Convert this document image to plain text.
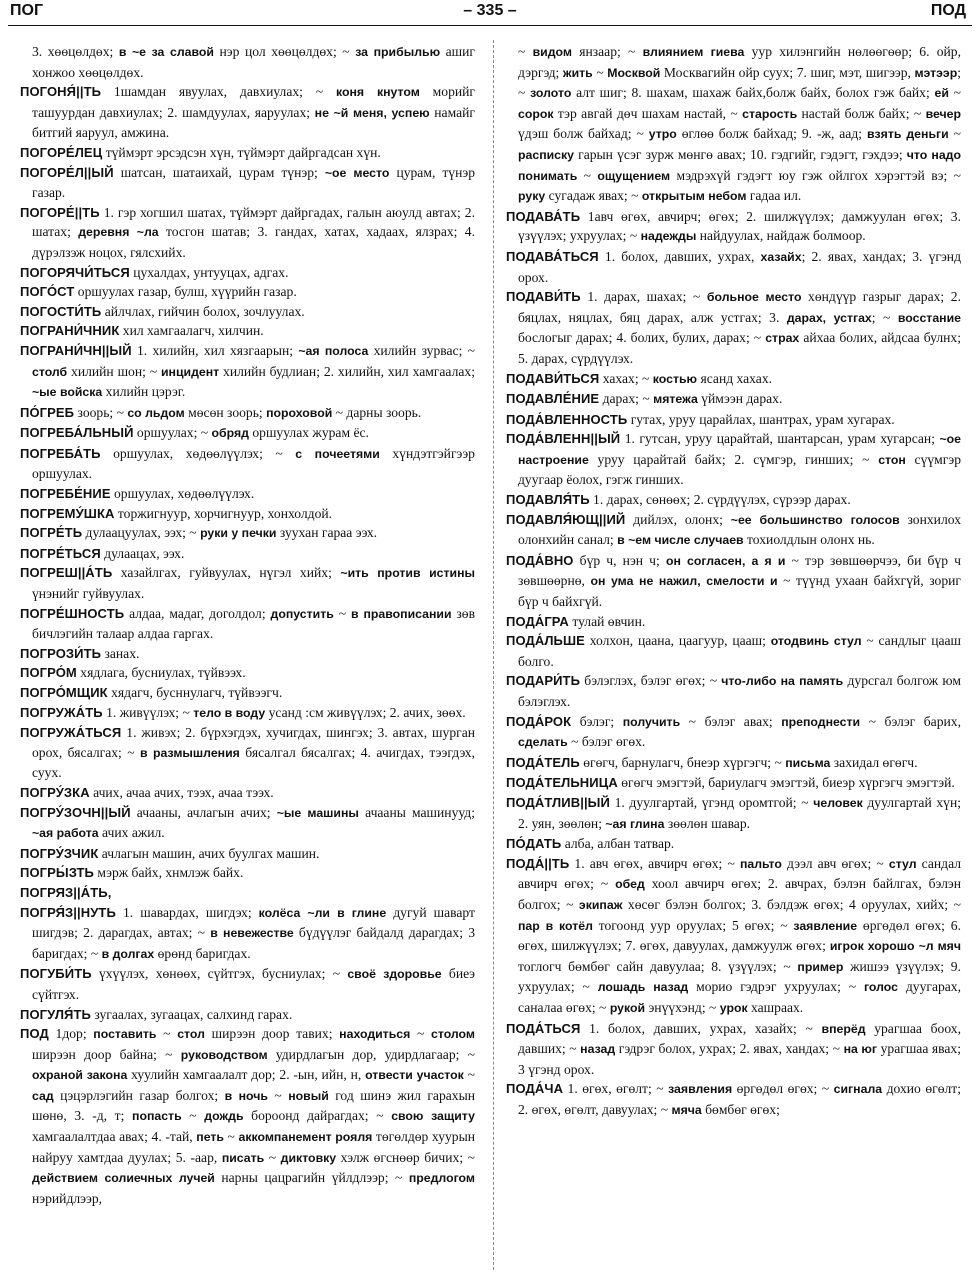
ПОГ	– 335 –	ПОД

3. хөөцөлдөх; в ~е за славой нэр цол хөөцөлдөх; ~ за прибылью ашиг хонжоо хөөцөлдөх.

ПОГОНЯ́||ТЬ 1шамдан явуулах, давхиулах; ~ коня кнутом морийг ташуурдан давхиулах; 2. шамдуулах, яаруулах; не ~й меня, успею намайг битгий яаруул, амжина.

ПОГОРЕ́ЛЕЦ түймэрт эрсэдсэн хүн, түймэрт дайргадсан хүн.

ПОГОРЕ́Л||ЫЙ шатсан, шатаихай, цурам түнэр; ~ое место цурам, түнэр газар.

ПОГОРЕ́||ТЬ 1. гэр хогшил шатах, түймэрт дайргадах, галын аюулд автах; 2. шатах; деревня ~ла тосгон шатав; 3. гандах, хатах, хадаах, ялзрах; 4. дүрэлзэж ноцох, гялсхийх.

ПОГОРЯЧИ́ТЬСЯ цухалдах, унтууцах, адгах.

ПОГО́СТ оршуулах газар, булш, хүүрийн газар.

ПОГОСТИ́ТЬ айлчлах, гийчин болох, зочлуулах.

ПОГРАНИ́ЧНИК хил хамгаалагч, хилчин.

ПОГРАНИ́ЧН||ЫЙ 1. хилийн, хил хязгаарын; ~ая полоса хилийн зурвас; ~ столб хилийн шон; ~ инцидент хилийн будлиан; 2. хилийн, хил хамгаалах; ~ые войска хилийн цэрэг.

ПО́ГРЕБ зоорь; ~ со льдом мөсөн зоорь; пороховой ~ дарны зоорь.

ПОГРЕБА́ЛЬНЫЙ оршуулах; ~ обряд оршуулах журам ёс.

ПОГРЕБА́ТЬ оршуулах, хөдөөлүүлэх; ~ с почеетями хүндэтгэйгээр оршуулах.

ПОГРЕБЕ́НИЕ оршуулах, хөдөөлүүлэх.

ПОГРЕМУ́ШКА торжигнуур, хорчигнуур, хонхолдой.

ПОГРЕ́ТЬ дулаацуулах, ээх; ~ руки у печки зуухан гараа ээх.

ПОГРЕ́ТЬСЯ дулаацах, ээх.

ПОГРЕШ||А́ТЬ хазайлгах, гуйвуулах, нүгэл хийх; ~ить против истины үнэнийг гуйвуулах.

ПОГРЕ́ШНОСТЬ алдаа, мадаг, доголдол; допустить ~ в правописании зөв бичлэгийн талаар алдаа гаргах.

ПОГРОЗИ́ТЬ занах.

ПОГРО́М хядлага, бусниулах, түйвээх.

ПОГРО́МЩИК хядагч, бусннулагч, түйвээгч.

ПОГРУЖА́ТЬ 1. живүүлэх; ~ тело в воду усанд :см живүүлэх; 2. ачих, зөөх.

ПОГРУЖА́ТЬСЯ 1. живэх; 2. бүрхэгдэх, хучигдах, шингэх; 3. автах, шурган орох, бясалгах; ~ в размышления бясалгал бясалгах; 4. ачигдах, тээгдэх, суух.

ПОГРУ́ЗКА ачих, ачаа ачих, тээх, ачаа тээх.

ПОГРУ́ЗОЧН||ЫЙ ачааны, ачлагын ачих; ~ые машины ачааны машинууд; ~ая работа ачих ажил.

ПОГРУ́ЗЧИК ачлагын машин, ачих буулгах машин.

ПОГРЫ́ЗТЬ мэрж байх, хнмлэж байх.

ПОГРЯЗ||А́ТЬ,

ПОГРЯ́З||НУТЬ 1. шавардах, шигдэх; колёса ~ли в глине дугуй шаварт шигдэв; 2. дарагдах, автах; ~ в невежестве бүдүүлэг байдалд дарагдах; 3 баригдах; ~ в долгах өрөнд баригдах.

ПОГУБИ́ТЬ үхүүлэх, хөнөөх, сүйтгэх, бусниулах; ~ своё здоровье биеэ сүйтгэх.

ПОГУЛЯ́ТЬ зугаалах, зугаацах, салхинд гарах.

ПОД 1дор; поставить ~ стол ширээн доор тавих; находиться ~ столом ширээн доор байна; ~ руководством удирдлагын дор, удирдлагаар; ~ охраной закона хуулийн хамгаалалт дор; 2. -ын, ийн, н, отвести участок ~ сад цэцэрлэгийн газар болгох; в ночь ~ новый год шинэ жил гарахын шөнө, 3. -д, т; попасть ~ дождь бороонд дайрагдах; ~ свою защиту хамгаалалтдаа авах; 4. -тай, петь ~ аккомпанемент рояля төгөлдөр хуурын найруу хамтдаа дуулах; 5. -аар, писать ~ диктовку хэлж өгснөөр бичих; ~ действием солиечных лучей нарны цацрагийн үйлдлээр; ~ предлогом нэрийдлээр,

~ видом янзаар; ~ влиянием гиева уур хилэнгийн нөлөөгөөр; 6. ойр, дэргэд; жить ~ Москвой Москвагийн ойр суух; 7. шиг, мэт, шигээр, мэтээр; ~ золото алт шиг; 8. шахам, шахаж байх,болж байх, болох гэж байх; ей ~ сорок тэр авгай дөч шахам настай, ~ старость настай болж байх; ~ вечер үдэш болж байхад; ~ утро өглөө болж байхад; 9. -ж, аад; взять деньги ~ расписку гарын үсэг зурж мөнгө авах; 10. гэдгийг, гэдэгт, гэхдээ; что надо понимать ~ ощущением мэдрэхүй гэдэгт юу гэж ойлгох хэрэгтэй вэ; ~ руку сугадаж явах; ~ открытым небом гадаа ил.

ПОДАВА́ТЬ 1авч өгөх, авчирч; өгөх; 2. шилжүүлэх; дамжуулан өгөх; 3. үзүүлэх; ухруулах; ~ надежды найдуулах, найдаж болмоор.

ПОДАВА́ТЬСЯ 1. болох, давших, ухрах, хазайх; 2. явах, хандах; 3. үгэнд орох.

ПОДАВИ́ТЬ 1. дарах, шахах; ~ больное место хөндүүр газрыг дарах; 2. бяцлах, няцлах, бяц дарах, алж устгах; 3. дарах, устгах; ~ восстание бослогыг дарах; 4. болих, булих, дарах; ~ страх айхаа болих, айдсаа булнх; 5. дарах, сүрдүүлэх.

ПОДАВИ́ТЬСЯ хахах; ~ костью ясанд хахах.

ПОДАВЛЕ́НИЕ дарах; ~ мятежа үймээн дарах.

ПОДА́ВЛЕННОСТЬ гутах, уруу царайлах, шантрах, урам хугарах.

ПОДА́ВЛЕНН||ЫЙ 1. гутсан, уруу царайтай, шантарсан, урам хугарсан; ~ое настроение уруу царайтай байх; 2. сүмгэр, гинших; ~ стон сүүмгэр дуугаар ёолох, гэгж гинших.

ПОДАВЛЯ́ТЬ 1. дарах, сөнөөх; 2. сүрдүүлэх, сүрээр дарах.

ПОДАВЛЯ́ЮЩ||ИЙ дийлэх, олонх; ~ее большинство голосов зонхилох олонхийн санал; в ~ем числе случаев тохиолдлын олонх нь.

ПОДА́ВНО бүр ч, нэн ч; он согласен, а я и ~ тэр зөвшөөрчээ, би бүр ч зөвшөөрнө, он ума не нажил, смелости и ~ түүнд ухаан байхгүй, зориг бүр ч байхгүй.

ПОДА́ГРА тулай өвчин.

ПОДА́ЛЬШЕ холхон, цаана, цаагуур, цааш; отодвинь стул ~ сандлыг цааш болго.

ПОДАРИ́ТЬ бэлэглэх, бэлэг өгөх; ~ что-либо на память дурсгал болгож юм бэлэглэх.

ПОДА́РОК бэлэг; получить ~ бэлэг авах; преподнести ~ бэлэг барих, сделать ~ бэлэг өгөх.

ПОДА́ТЕЛЬ өгөгч, барнулагч, бнеэр хүргэгч; ~ письма захидал өгөгч.

ПОДА́ТЕЛЬНИЦА өгөгч эмэгтэй, бариулагч эмэгтэй, биеэр хүргэгч эмэгтэй.

ПОДА́ТЛИВ||ЫЙ 1. дуулгартай, үгэнд оромтгой; ~ человек дуулгартай хүн; 2. уян, зөөлөн; ~ая глина зөөлөн шавар.

ПО́ДАТЬ алба, албан татвар.

ПОДА́||ТЬ 1. авч өгөх, авчирч өгөх; ~ пальто дээл авч өгөх; ~ стул сандал авчирч өгөх; ~ обед хоол авчирч өгөх; 2. авчрах, бэлэн байлгах, бэлэн болгох; ~ экипаж хөсөг бэлэн болгох; 3. бэлдэж өгөх; 4 оруулах, хийх; ~ пар в котёл тогоонд уур оруулах; 5 өгөх; ~ заявление өргөдөл өгөх; 6. өгөх, шилжүүлэх; 7. өгөх, давуулах, дамжуулж өгөх; игрок хорошо ~л мяч тоглогч бөмбөг сайн давуулаа; 8. үзүүлэх; ~ пример жишээ үзүүлэх; 9. ухруулах; ~ лошадь назад морио гэдрэг ухруулах; ~ голос дуугарах, саналаа өгөх; ~ рукой энүүхэнд; ~ урок хашраах.

ПОДА́ТЬСЯ 1. болох, давших, ухрах, хазайх; ~ вперёд урагшаа боох, давших; ~ назад гэдрэг болох, ухрах; 2. явах, хандах; ~ на юг урагшаа явах; 3 үгэнд орох.

ПОДА́ЧА 1. өгөх, өгөлт; ~ заявления өргөдөл өгөх; ~ сигнала дохио өгөлт; 2. өгөх, өгөлт, давуулах; ~ мяча бөмбөг өгөх;
